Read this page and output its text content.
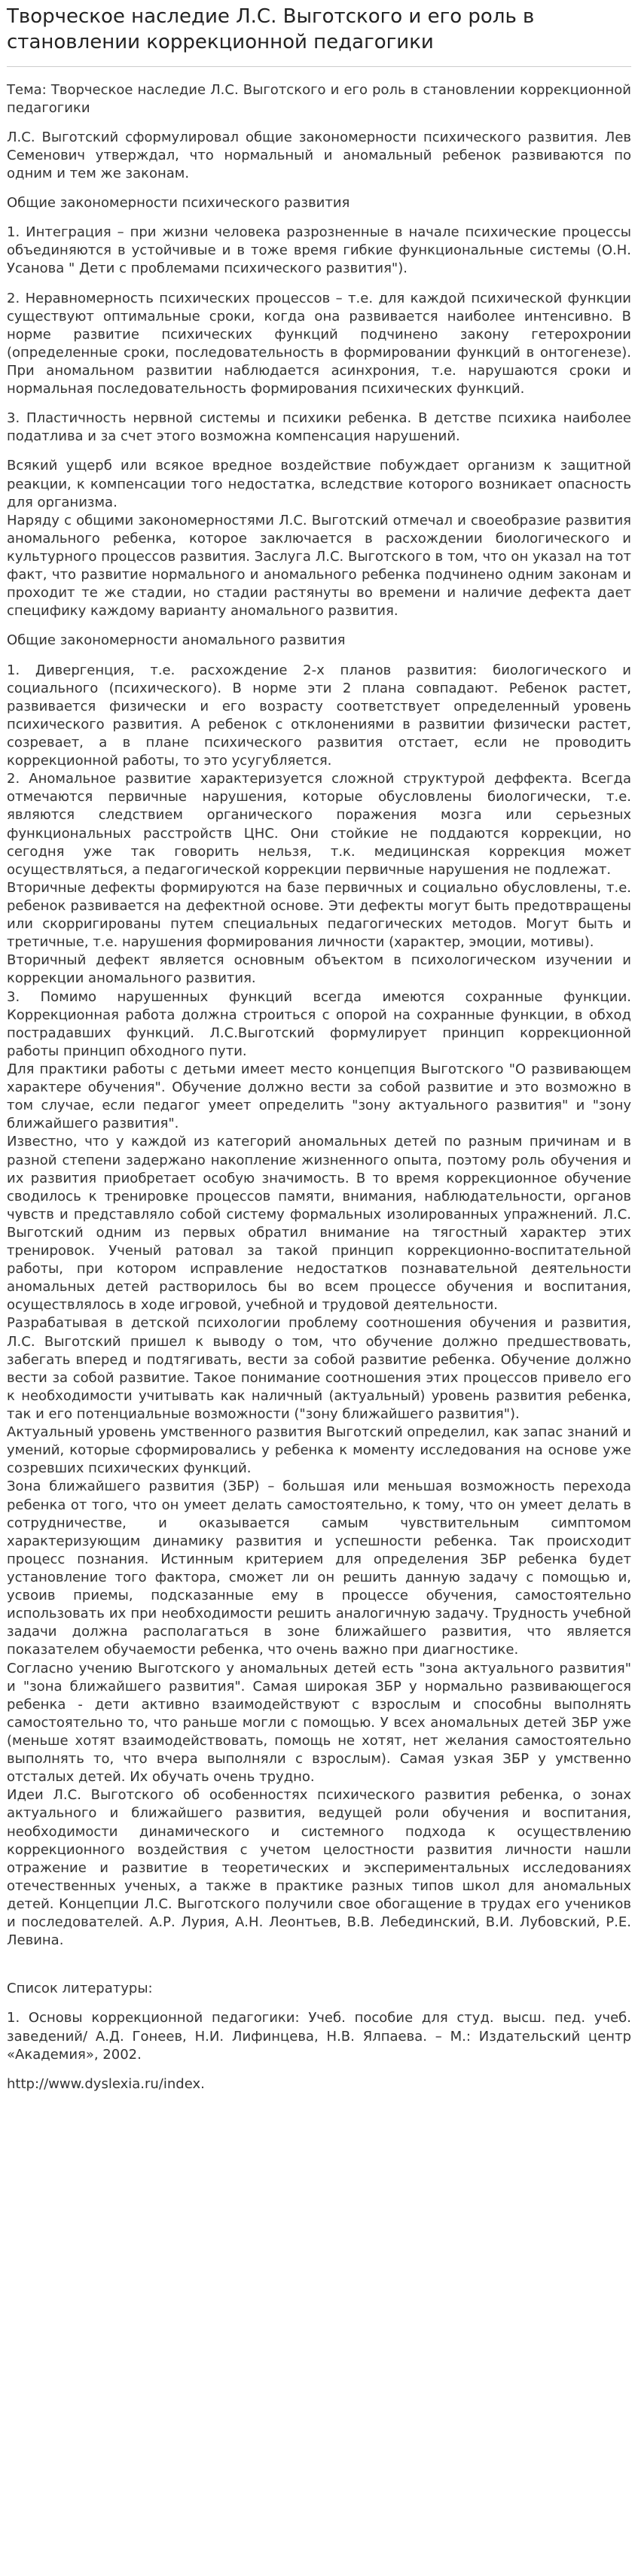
Творческое наследие Л.С. Выготского и его роль в становлении коррекционной педагогики

Тема: Творческое наследие Л.С. Выготского и его роль в становлении коррекционной педагогики

Л.С. Выготский сформулировал общие закономерности психического развития. Лев Семенович утверждал, что нормальный и аномальный ребенок развиваются по одним и тем же законам.

Общие закономерности психического развития

1. Интеграция – при жизни человека разрозненные в начале психические процессы объединяются в устойчивые и в тоже время гибкие функциональные системы (О.Н. Усанова " Дети с проблемами психического развития").

2. Неравномерность психических процессов – т.е. для каждой психической функции существуют оптимальные сроки, когда она развивается наиболее интенсивно. В норме развитие психических функций подчинено закону гетерохронии (определенные сроки, последовательность в формировании функций в онтогенезе). При аномальном развитии наблюдается асинхрония, т.е. нарушаются сроки и нормальная последовательность формирования психических функций.

3. Пластичность нервной системы и психики ребенка. В детстве психика наиболее податлива и за счет этого возможна компенсация нарушений.

Всякий ущерб или всякое вредное воздействие побуждает организм к защитной реакции, к компенсации того недостатка, вследствие которого возникает опасность для организма.

Наряду с общими закономерностями Л.С. Выготский отмечал и своеобразие развития аномального ребенка, которое заключается в расхождении биологического и культурного процессов развития. Заслуга Л.С. Выготского в том, что он указал на тот факт, что развитие нормального и аномального ребенка подчинено одним законам и проходит те же стадии, но стадии растянуты во времени и наличие дефекта дает специфику каждому варианту аномального развития.

Общие закономерности аномального развития

1. Дивергенция, т.е. расхождение 2-х планов развития: биологического и социального (психического). В норме эти 2 плана совпадают. Ребенок растет, развивается физически и его возрасту соответствует определенный уровень психического развития. А ребенок с отклонениями в развитии физически растет, созревает, а в плане психического развития отстает, если не проводить коррекционной работы, то это усугубляется.

2. Аномальное развитие характеризуется сложной структурой деффекта. Всегда отмечаются первичные нарушения, которые обусловлены биологически, т.е. являются следствием органического поражения мозга или серьезных функциональных расстройств ЦНС. Они стойкие не поддаются коррекции, но сегодня уже так говорить нельзя, т.к. медицинская коррекция может осуществляться, а педагогической коррекции первичные нарушения не подлежат.

Вторичные дефекты формируются на базе первичных и социально обусловлены, т.е. ребенок развивается на дефектной основе. Эти дефекты могут быть предотвращены или скорригированы путем специальных педагогических методов. Могут быть и третичные, т.е. нарушения формирования личности (характер, эмоции, мотивы).

Вторичный дефект является основным объектом в психологическом изучении и коррекции аномального развития.

3. Помимо нарушенных функций всегда имеются сохранные функции. Коррекционная работа должна строиться с опорой на сохранные функции, в обход пострадавших функций. Л.С.Выготский формулирует принцип коррекционной работы принцип обходного пути.

Для практики работы с детьми имеет место концепция Выготского "О развивающем характере обучения". Обучение должно вести за собой развитие и это возможно в том случае, если педагог умеет определить "зону актуального развития" и "зону ближайшего развития".

Известно, что у каждой из категорий аномальных детей по разным причинам и в разной степени задержано накопление жизненного опыта, поэтому роль обучения и их развития приобретает особую значимость. В то время коррекционное обучение сводилось к тренировке процессов памяти, внимания, наблюдательности, органов чувств и представляло собой систему формальных изолированных упражнений. Л.С. Выготский одним из первых обратил внимание на тягостный характер этих тренировок. Ученый ратовал за такой принцип коррекционно-воспитательной работы, при котором исправление недостатков познавательной деятельности аномальных детей растворилось бы во всем процессе обучения и воспитания, осуществлялось в ходе игровой, учебной и трудовой деятельности.

Разрабатывая в детской психологии проблему соотношения обучения и развития, Л.С. Выготский пришел к выводу о том, что обучение должно предшествовать, забегать вперед и подтягивать, вести за собой развитие ребенка. Обучение должно вести за собой развитие. Такое понимание соотношения этих процессов привело его к необходимости учитывать как наличный (актуальный) уровень развития ребенка, так и его потенциальные возможности ("зону ближайшего развития").

Актуальный уровень умственного развития Выготский определил, как запас знаний и умений, которые сформировались у ребенка к моменту исследования на основе уже созревших психических функций.

Зона ближайшего развития (ЗБР) – большая или меньшая возможность перехода ребенка от того, что он умеет делать самостоятельно, к тому, что он умеет делать в сотрудничестве, и оказывается самым чувствительным симптомом характеризующим динамику развития и успешности ребенка. Так происходит процесс познания. Истинным критерием для определения ЗБР ребенка будет установление того фактора, сможет ли он решить данную задачу с помощью и, усвоив приемы, подсказанные ему в процессе обучения, самостоятельно использовать их при необходимости решить аналогичную задачу. Трудность учебной задачи должна располагаться в зоне ближайшего развития, что является показателем обучаемости ребенка, что очень важно при диагностике.

Согласно учению Выготского у аномальных детей есть "зона актуального развития" и "зона ближайшего развития". Самая широкая ЗБР у нормально развивающегося ребенка - дети активно взаимодействуют с взрослым и способны выполнять самостоятельно то, что раньше могли с помощью. У всех аномальных детей ЗБР уже (меньше хотят взаимодействовать, помощь не хотят, нет желания самостоятельно выполнять то, что вчера выполняли с взрослым). Самая узкая ЗБР у умственно отсталых детей. Их обучать очень трудно.

Идеи Л.С. Выготского об особенностях психического развития ребенка, о зонах актуального и ближайшего развития, ведущей роли обучения и воспитания, необходимости динамического и системного подхода к осуществлению коррекционного воздействия с учетом целостности развития личности нашли отражение и развитие в теоретических и экспериментальных исследованиях отечественных ученых, а также в практике разных типов школ для аномальных детей. Концепции Л.С. Выготского получили свое обогащение в трудах его учеников и последователей. А.Р. Лурия, А.Н. Леонтьев, В.В. Лебединский, В.И. Лубовский, Р.Е. Левина.

Список литературы:

1. Основы коррекционной педагогики: Учеб. пособие для студ. высш. пед. учеб. заведений/ А.Д. Гонеев, Н.И. Лифинцева, Н.В. Ялпаева. – М.: Издательский центр «Академия», 2002.

http://www.dyslexia.ru/index.
